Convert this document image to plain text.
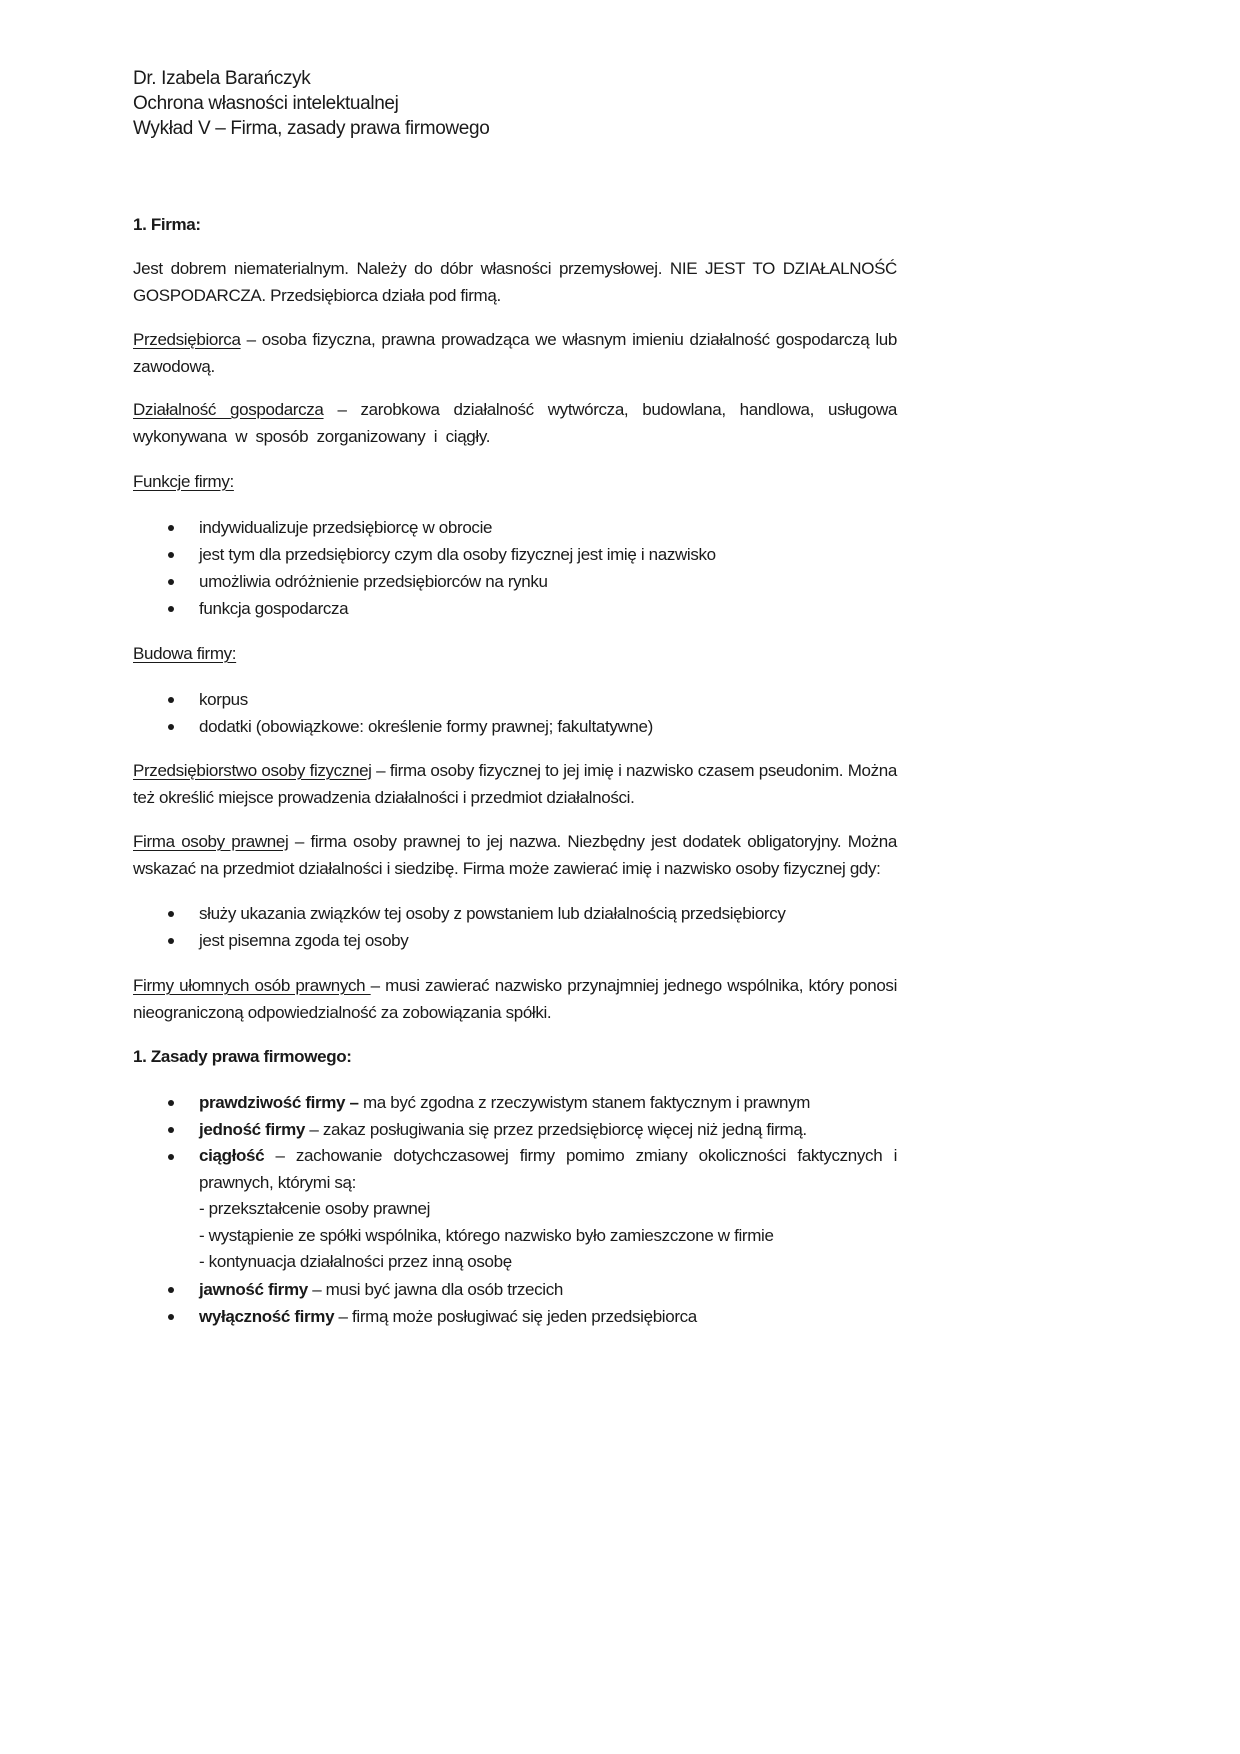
Dr. Izabela Barańczyk
Ochrona własności intelektualnej
Wykład V – Firma, zasady prawa firmowego
1. Firma:
Jest dobrem niematerialnym. Należy do dóbr własności przemysłowej. NIE JEST TO DZIAŁALNOŚĆ GOSPODARCZA. Przedsiębiorca działa pod firmą.
Przedsiębiorca – osoba fizyczna, prawna prowadząca we własnym imieniu działalność gospodarczą lub zawodową.
Działalność gospodarcza – zarobkowa działalność wytwórcza, budowlana, handlowa, usługowa wykonywana w sposób zorganizowany i ciągły.
Funkcje firmy:
indywidualizuje przedsiębiorcę w obrocie
jest tym dla przedsiębiorcy czym dla osoby fizycznej jest imię i nazwisko
umożliwia odróżnienie przedsiębiorców na rynku
funkcja gospodarcza
Budowa firmy:
korpus
dodatki (obowiązkowe: określenie formy prawnej; fakultatywne)
Przedsiębiorstwo osoby fizycznej – firma osoby fizycznej to jej imię i nazwisko czasem pseudonim. Można też określić miejsce prowadzenia działalności i przedmiot działalności.
Firma osoby prawnej – firma osoby prawnej to jej nazwa. Niezbędny jest dodatek obligatoryjny. Można wskazać na przedmiot działalności i siedzibę. Firma może zawierać imię i nazwisko osoby fizycznej gdy:
służy ukazania związków tej osoby z powstaniem lub działalnością przedsiębiorcy
jest pisemna zgoda tej osoby
Firmy ułomnych osób prawnych – musi zawierać nazwisko przynajmniej jednego wspólnika, który ponosi nieograniczoną odpowiedzialność za zobowiązania spółki.
1. Zasady prawa firmowego:
prawdziwość firmy – ma być zgodna z rzeczywistym stanem faktycznym i prawnym
jedność firmy – zakaz posługiwania się przez przedsiębiorcę więcej niż jedną firmą.
ciągłość – zachowanie dotychczasowej firmy pomimo zmiany okoliczności faktycznych i prawnych, którymi są:
- przekształcenie osoby prawnej
- wystąpienie ze spółki wspólnika, którego nazwisko było zamieszczone w firmie
- kontynuacja działalności przez inną osobę
jawność firmy – musi być jawna dla osób trzecich
wyłączność firmy – firmą może posługiwać się jeden przedsiębiorca
